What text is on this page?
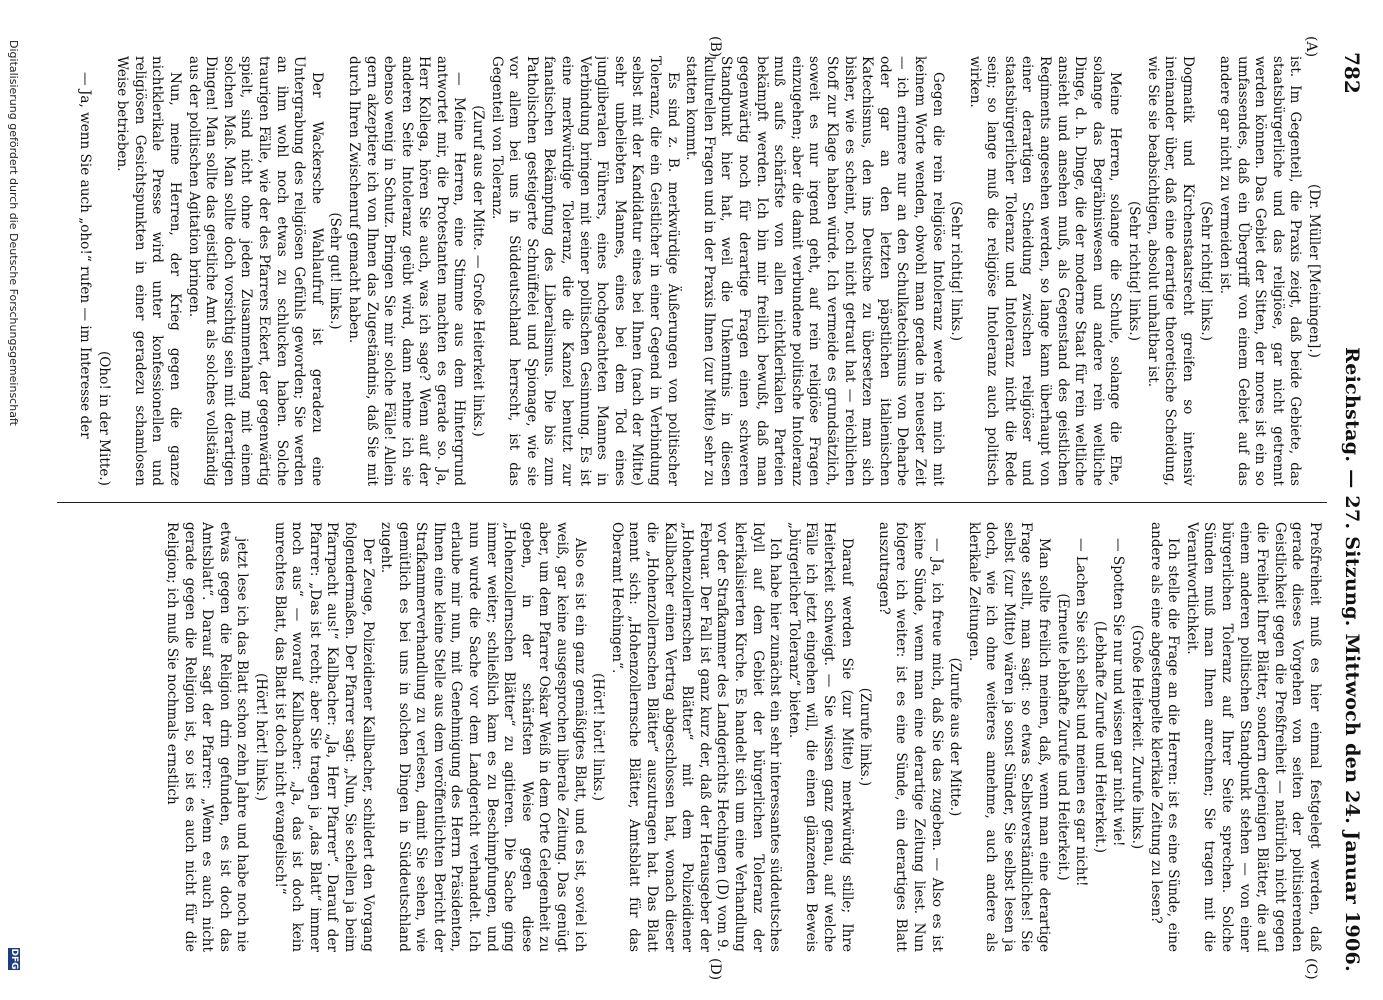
782
Reichstag. — 27. Sitzung. Mittwoch den 24. Januar 1906.
(A)
(B)
(C)
(D)

(Dr. Müller [Meiningen].)

ist. Im Gegenteil, die Praxis zeigt, daß beide Gebiete, das staatsbürgerliche und das religiöse, gar nicht getrennt werden können. Das Gebiet der Sitten, der mores ist ein so umfassendes, daß ein Übergriff von einem Gebiet auf das andere gar nicht zu vermeiden ist.

(Sehr richtig! links.)

Dogmatik und Kirchenstaatsrecht greifen so intensiv ineinander über, daß eine derartige theoretische Scheidung, wie Sie sie beabsichtigen, absolut unhaltbar ist.

(Sehr richtig! links.)

Meine Herren, solange die Schule, solange die Ehe, solange das Begräbniswesen und andere rein weltliche Dinge, d. h. Dinge, die der moderne Staat für rein weltliche ansieht und ansehen muß, als Gegenstand des geistlichen Regiments angesehen werden, so lange kann überhaupt von einer derartigen Scheidung zwischen religiöser und staatsbürgerlicher Toleranz und Intoleranz nicht die Rede sein; so lange muß die religiöse Intoleranz auch politisch wirken.

(Sehr richtig! links.)

Gegen die rein religiöse Intoleranz werde ich mich mit keinem Worte wenden, obwohl man gerade in neuester Zeit — ich erinnere nur an den Schulkatechismus von Deharbe oder gar an den letzten päpstlichen italienischen Katechismus, den ins Deutsche zu übersetzen man sich bisher, wie es scheint, noch nicht getraut hat — reichlichen Stoff zur Klage haben würde. Ich vermeide es grundsätzlich, soweit es nur irgend geht, auf rein religiöse Fragen einzugehen; aber die damit verbundene politische Intoleranz muß aufs schärfste von allen nichtklerikalen Parteien bekämpft werden. Ich bin mir freilich bewußt, daß man gegenwärtig noch für derartige Fragen einen schweren Standpunkt hier hat, weil die Unkenntnis in diesen kulturellen Fragen und in der Praxis Ihnen (zur Mitte) sehr zu statten kommt.

Es sind z. B. merkwürdige Äußerungen von politischer Toleranz, die ein Geistlicher in einer Gegend in Verbindung selbst mit der Kandidatur eines bei Ihnen (nach der Mitte) sehr unbeliebten Mannes, eines bei dem Tod eines jungliberalen Führers, eines hochgeachteten Mannes in Verbindung bringen mit seiner politischen Gesinnung. Es ist eine merkwürdige Toleranz, die die Kanzel benutzt zur fanatischen Bekämpfung des Liberalismus. Die bis zum Patholischen gesteigerte Schnüffelei und Spionage, wie sie vor allem bei uns in Süddeutschland herrscht, ist das Gegenteil von Toleranz.

(Zuruf aus der Mitte. — Große Heiterkeit links.)

— Meine Herren, eine Stimme aus dem Hintergrund antwortet mir, die Protestanten machten es gerade so. Ja, Herr Kollega, hören Sie auch, was ich sage? Wenn auf der anderen Seite Intoleranz geübt wird, dann nehme ich sie ebenso wenig in Schutz. Bringen Sie mir solche Fälle! Allein gern akzeptiere ich von Ihnen das Zugeständnis, daß Sie mit durch Ihren Zwischenruf gemacht haben.

(Sehr gut! links.)

Der Wackersche Wahlaufruf ist geradezu eine Untergrabung des religiösen Gefühls geworden; Sie werden an ihm wohl noch etwas zu schlucken haben. Solche traurigen Fälle, wie der des Pfarrers Eckert, der gegenwärtig spielt, sind nicht ohne jeden Zusammenhang mit einem solchen Maß. Man sollte doch vorsichtig sein mit derartigen Dingen! Man sollte das geistliche Amt als solches vollständig aus der politischen Agitation bringen.

Nun, meine Herren, der Krieg gegen die ganze nichtklerikale Presse wird unter konfessionellen und religiösen Gesichtspunkten in einer geradezu schamlosen Weise betrieben.

(Oho! in der Mitte.)

— Ja, wenn Sie auch „oho!“ rufen — im Interesse der

Preßfreiheit muß es hier einmal festgelegt werden, daß gerade dieses Vorgehen von seiten der politisierenden Geistlichkeit gegen die Preßfreiheit — natürlich nicht gegen die Freiheit Ihrer Blätter, sondern derjenigen Blätter, die auf einem anderen politischen Standpunkt stehen — von einer bürgerlichen Toleranz auf Ihrer Seite sprechen. Solche Sünden muß man Ihnen anrechnen; Sie tragen mit die Verantwortlichkeit.

Ich stelle die Frage an die Herren: ist es eine Sünde, eine andere als eine abgestempelte klerikale Zeitung zu lesen?

(Große Heiterkeit. Zurufe links.)

— Spotten Sie nur und wissen gar nicht wie!

(Lebhafte Zurufe und Heiterkeit.)

— Lachen Sie sich selbst und meinen es gar nicht!

(Erneute lebhafte Zurufe und Heiterkeit.)

Man sollte freilich meinen, daß, wenn man eine derartige Frage stellt, man sagt: so etwas Selbstverständliches! Sie selbst (zur Mitte) wären ja sonst Sünder, Sie selbst lesen ja doch, wie ich ohne weiteres annehme, auch andere als klerikale Zeitungen.

(Zurufe aus der Mitte.)

— Ja, ich freue mich, daß Sie das zugeben. — Also es ist keine Sünde, wenn man eine derartige Zeitung liest. Nun folgere ich weiter: ist es eine Sünde, ein derartiges Blatt auszutragen?

(Zurufe links.)

Darauf werden Sie (zur Mitte) merkwürdig stille; Ihre Heiterkeit schweigt. — Sie wissen ganz genau, auf welche Fälle ich jetzt eingehen will, die einen glänzenden Beweis „bürgerlicher Toleranz“ bieten.

Ich habe hier zunächst ein sehr interessantes süddeutsches Idyll auf dem Gebiet der bürgerlichen Toleranz der klerikalisierten Kirche. Es handelt sich um eine Verhandlung vor der Strafkammer des Landgerichts Hechingen (D) vom 9. Februar. Der Fall ist ganz kurz der, daß der Herausgeber der „Hohenzollernschen Blätter“ mit dem Polizeidiener Kallbacher einen Vertrag abgeschlossen hat, wonach dieser die „Hohenzollernschen Blätter“ auszutragen hat. Das Blatt nennt sich: „Hohenzollernsche Blätter, Amtsblatt für das Oberamt Hechingen“.

(Hört! hört! links.)

Also es ist ein ganz gemäßigtes Blatt, und es ist, soviel ich weiß, gar keine ausgesprochen liberale Zeitung. Das genügt aber, um dem Pfarrer Oskar Weiß in dem Orte Gelegenheit zu geben, in der schärfsten Weise gegen diese „Hohenzollernschen Blätter“ zu agitieren. Die Sache ging immer weiter; schließlich kam es zu Beschimpfungen, und nun wurde die Sache vor dem Landgericht verhandelt. Ich erlaube mir nun, mit Genehmigung des Herrn Präsidenten, Ihnen eine kleine Stelle aus dem veröffentlichten Bericht der Strafkammerverhandlung zu verlesen, damit Sie sehen, wie gemütlich es bei uns in solchen Dingen in Süddeutschland zugeht.

Der Zeuge, Polizeidiener Kallbacher, schildert den Vorgang folgendermaßen. Der Pfarrer sagt: „Nun, Sie schellen ja beim Pfarrpacht aus!“ Kallbacher: „Ja, Herr Pfarrer“. Darauf der Pfarrer: „Das ist recht; aber Sie tragen ja „das Blatt“ immer noch aus“ — worauf Kallbacher: „Ja, das ist doch kein unrechtes Blatt, das Blatt ist doch nicht evangelisch!“

(Hört! hört! links.)

jetzt lese ich das Blatt schon zehn Jahre und habe noch nie etwas gegen die Religion drin gefunden, es ist doch das Amtsblatt“. Darauf sagt der Pfarrer: „Wenn es auch nicht gerade gegen die Religion ist, so ist es auch nicht für die Religion; ich muß Sie nochmals ernstlich

Digitalisierung gefördert durch die Deutsche Forschungsgemeinschaft
DFG
